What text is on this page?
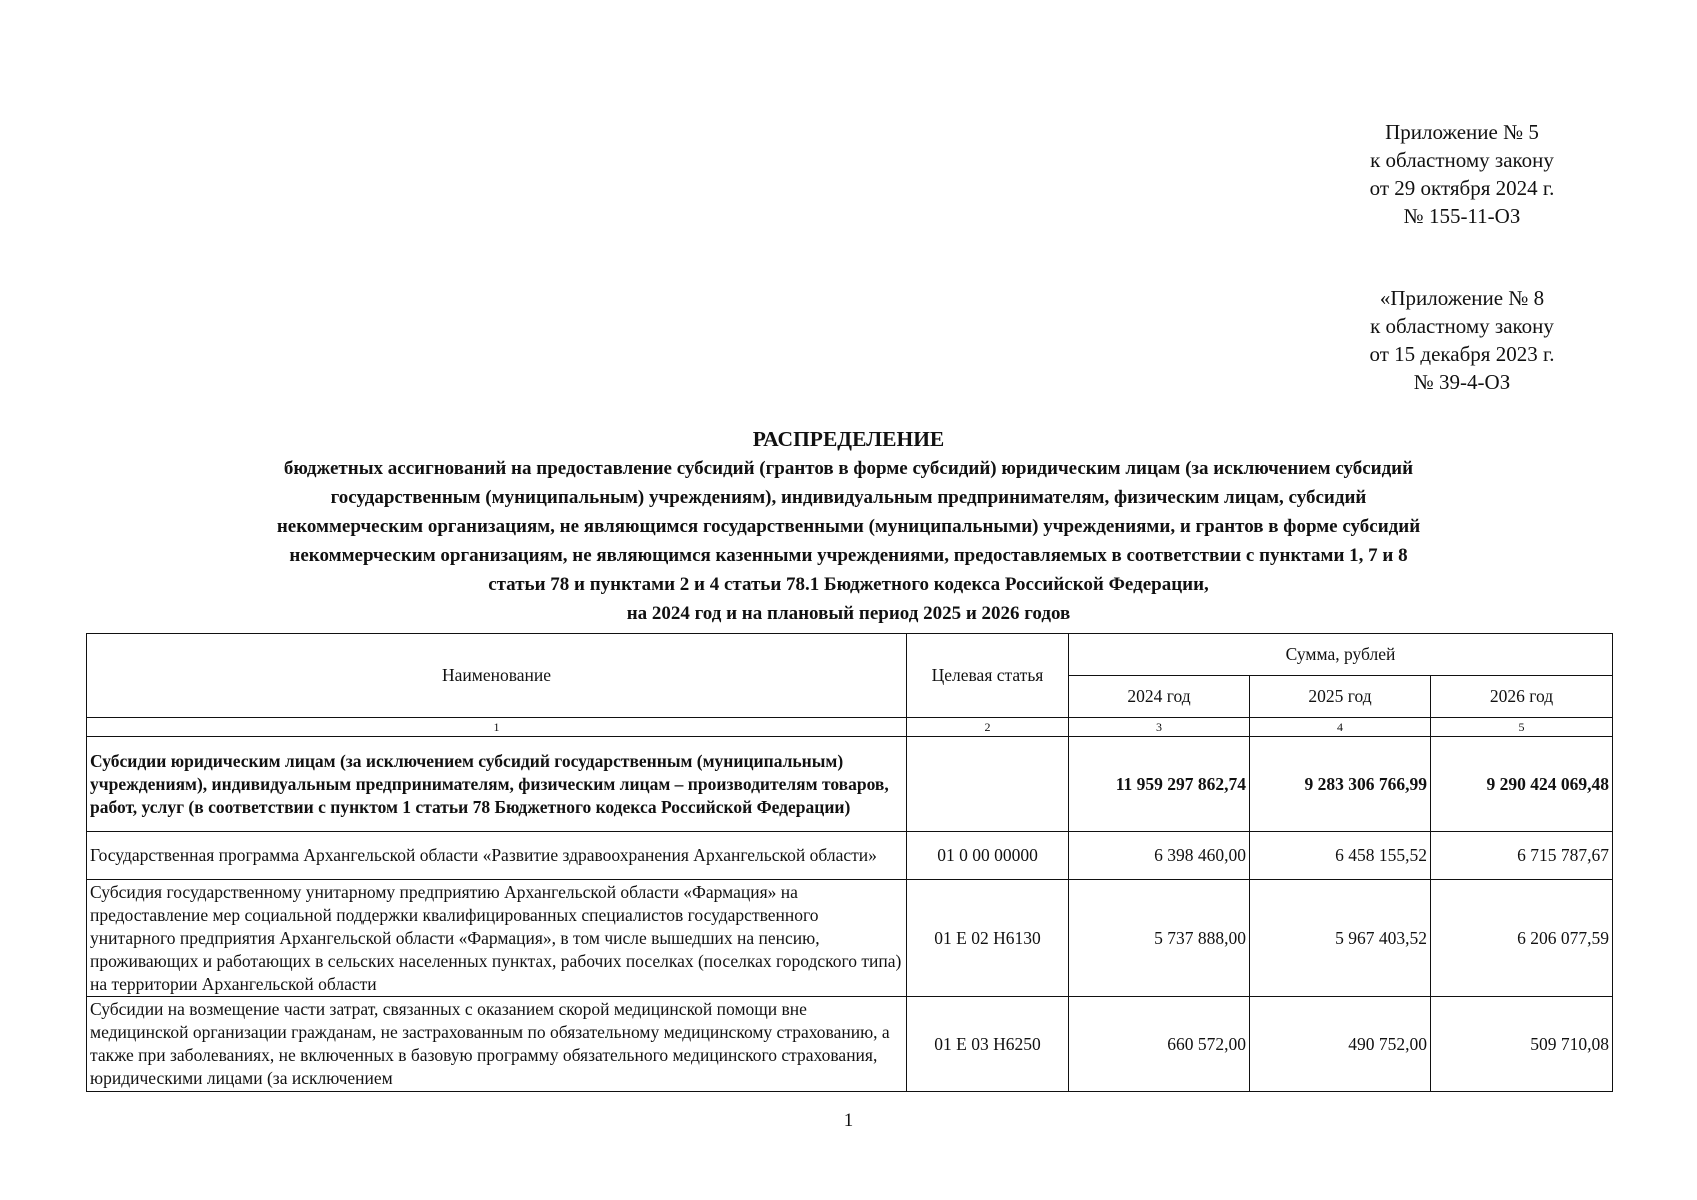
Приложение № 5
к областному закону
от 29 октября 2024 г.
№ 155-11-ОЗ
«Приложение № 8
к областному закону
от 15 декабря 2023 г.
№ 39-4-ОЗ
РАСПРЕДЕЛЕНИЕ
бюджетных ассигнований на предоставление субсидий (грантов в форме субсидий) юридическим лицам (за исключением субсидий
государственным (муниципальным) учреждениям), индивидуальным предпринимателям, физическим лицам, субсидий
некоммерческим организациям, не являющимся государственными (муниципальными) учреждениями, и грантов в форме субсидий
некоммерческим организациям, не являющимся казенными учреждениями, предоставляемых в соответствии с пунктами 1, 7 и 8
статьи 78 и пунктами 2 и 4 статьи 78.1 Бюджетного кодекса Российской Федерации,
на 2024 год и на плановый период 2025 и 2026 годов
Наименование	Целевая статья	Сумма, рублей		
		2024 год	2025 год	2026 год
1	2	3	4	5
Субсидии юридическим лицам (за исключением субсидий государственным (муниципальным) учреждениям), индивидуальным предпринимателям, физическим лицам – производителям товаров, работ, услуг (в соответствии с пунктом 1 статьи 78 Бюджетного кодекса Российской Федерации)		11 959 297 862,74	9 283 306 766,99	9 290 424 069,48
Государственная программа Архангельской области «Развитие здравоохранения Архангельской области»	01 0 00 00000	6 398 460,00	6 458 155,52	6 715 787,67
Субсидия государственному унитарному предприятию Архангельской области «Фармация» на предоставление мер социальной поддержки квалифицированных специалистов государственного унитарного предприятия Архангельской области «Фармация», в том числе вышедших на пенсию, проживающих и работающих в сельских населенных пунктах, рабочих поселках (поселках городского типа) на территории Архангельской области	01 Е 02 Н6130	5 737 888,00	5 967 403,52	6 206 077,59
Субсидии на возмещение части затрат, связанных с оказанием скорой медицинской помощи вне медицинской организации гражданам, не застрахованным по обязательному медицинскому страхованию, а также при заболеваниях, не включенных в базовую программу обязательного медицинского страхования, юридическими лицами (за исключением	01 Е 03 Н6250	660 572,00	490 752,00	509 710,08
1
